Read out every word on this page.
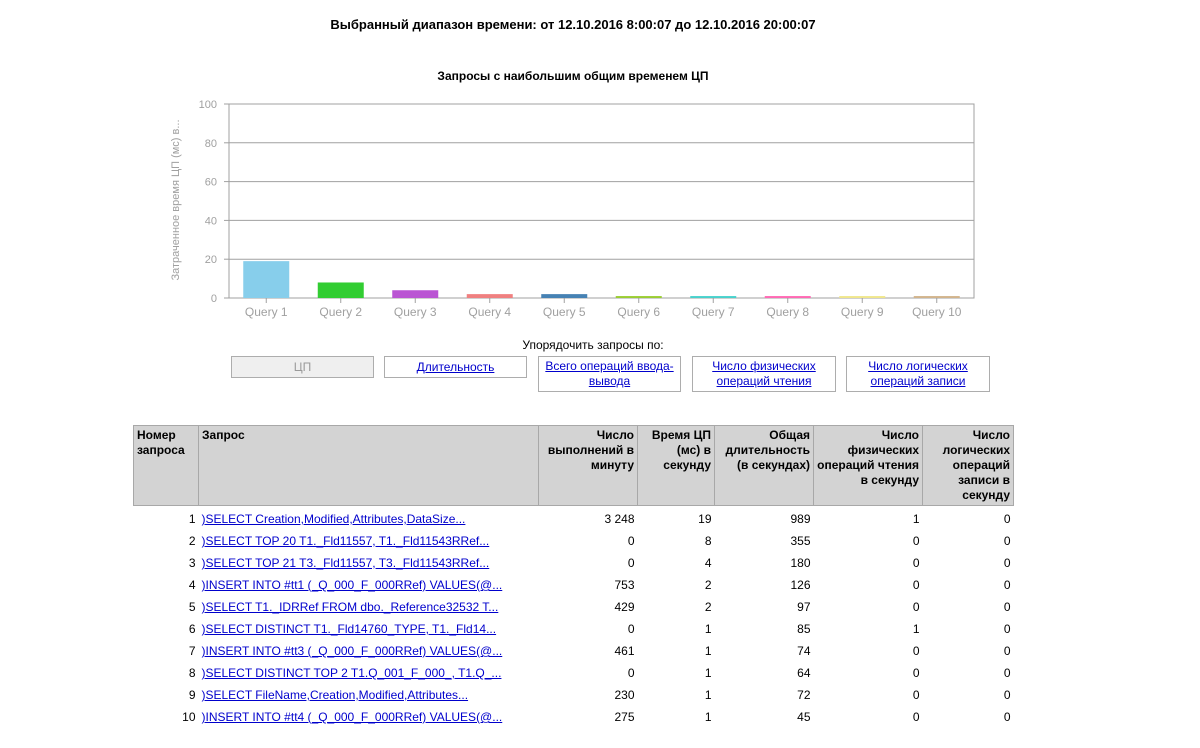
Выбранный диапазон времени: от 12.10.2016 8:00:07 до 12.10.2016 20:00:07
Запросы с наибольшим общим временем ЦП
Затраченное время ЦП (мс) в...
0
20
40
60
80
100
Query 1	Query 2	Query 3	Query 4	Query 5	Query 6	Query 7	Query 8	Query 9 Query 10
Упорядочить запросы по:
ЦП	Длительность	Всего операций ввода-вывода
Число физических операций чтения
Число логических операций записи
Номер запроса	Запрос	Число выполнений в минуту	Время ЦП (мс) в секунду	Общая длительность (в секундах)	Число физических операций чтения в секунду	Число логических операций записи в секунду
1	)SELECT Creation,Modified,Attributes,DataSize...	3 248	19	989	1	0
2	)SELECT TOP 20 T1._Fld11557, T1._Fld11543RRef...	0	8	355	0	0
3	)SELECT TOP 21 T3._Fld11557, T3._Fld11543RRef...	0	4	180	0	0
4	)INSERT INTO #tt1 (_Q_000_F_000RRef) VALUES(@...	753	2	126	0	0
5	)SELECT T1._IDRRef FROM dbo._Reference32532 T...	429	2	97	0	0
6	)SELECT DISTINCT T1._Fld14760_TYPE, T1._Fld14...	0	1	85	1	0
7	)INSERT INTO #tt3 (_Q_000_F_000RRef) VALUES(@...	461	1	74	0	0
8	)SELECT DISTINCT TOP 2 T1.Q_001_F_000_, T1.Q_...	0	1	64	0	0
9	)SELECT FileName,Creation,Modified,Attributes...	230	1	72	0	0
10	)INSERT INTO #tt4 (_Q_000_F_000RRef) VALUES(@...	275	1	45	0	0
